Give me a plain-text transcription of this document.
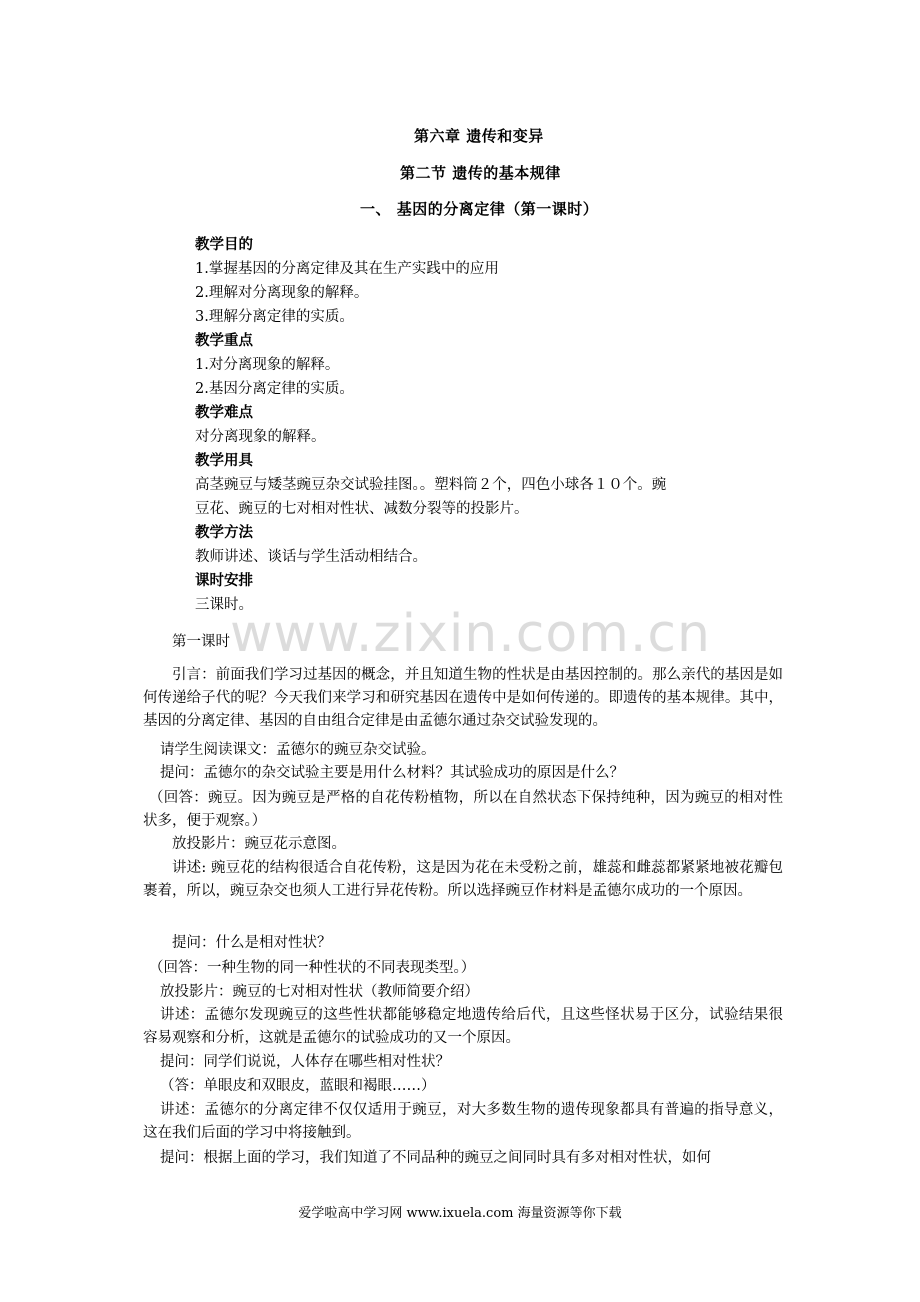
www.zixin.com.cn
第六章 遗传和变异
第二节 遗传的基本规律
一、 基因的分离定律（第一课时）
教学目的
1.掌握基因的分离定律及其在生产实践中的应用
2.理解对分离现象的解释。
3.理解分离定律的实质。
教学重点
1.对分离现象的解释。
2.基因分离定律的实质。
教学难点
对分离现象的解释。
教学用具
高茎豌豆与矮茎豌豆杂交试验挂图。。塑料筒２个，四色小球各１０个。豌
豆花、豌豆的七对相对性状、减数分裂等的投影片。
教学方法
教师讲述、谈话与学生活动相结合。
课时安排
三课时。
第一课时
引言：前面我们学习过基因的概念，并且知道生物的性状是由基因控制的。那么亲代的基因是如何传递给子代的呢？今天我们来学习和研究基因在遗传中是如何传递的。即遗传的基本规律。其中，基因的分离定律、基因的自由组合定律是由孟德尔通过杂交试验发现的。
请学生阅读课文：孟德尔的豌豆杂交试验。
提问：孟德尔的杂交试验主要是用什么材料？其试验成功的原因是什么？
（回答：豌豆。因为豌豆是严格的自花传粉植物，所以在自然状态下保持纯种，因为豌豆的相对性状多，便于观察。）
放投影片：豌豆花示意图。
讲述: 豌豆花的结构很适合自花传粉，这是因为花在未受粉之前，雄蕊和雌蕊都紧紧地被花瓣包裹着，所以，豌豆杂交也须人工进行异花传粉。所以选择豌豆作材料是孟德尔成功的一个原因。
提问：什么是相对性状？
（回答：一种生物的同一种性状的不同表现类型。）
放投影片：豌豆的七对相对性状（教师简要介绍）
讲述：孟德尔发现豌豆的这些性状都能够稳定地遗传给后代，且这些怪状易于区分，试验结果很容易观察和分析，这就是孟德尔的试验成功的又一个原因。
提问：同学们说说，人体存在哪些相对性状？
（答：单眼皮和双眼皮，蓝眼和褐眼……）
讲述：孟德尔的分离定律不仅仅适用于豌豆，对大多数生物的遗传现象都具有普遍的指导意义，这在我们后面的学习中将接触到。
提问：根据上面的学习，我们知道了不同品种的豌豆之间同时具有多对相对性状，如何
爱学啦高中学习网 www.ixuela.com 海量资源等你下载
